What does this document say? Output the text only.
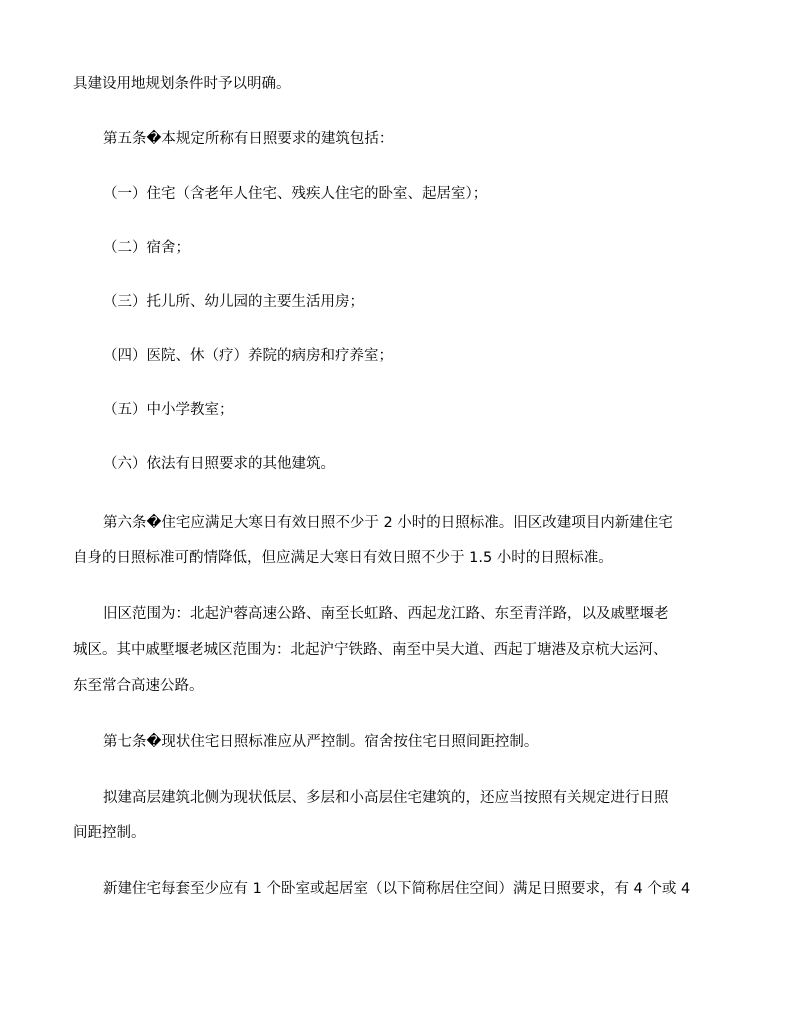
具建设用地规划条件时予以明确。
第五条�本规定所称有日照要求的建筑包括：
（一）住宅（含老年人住宅、残疾人住宅的卧室、起居室）；
（二）宿舍；
（三）托儿所、幼儿园的主要生活用房；
（四）医院、休（疗）养院的病房和疗养室；
（五）中小学教室；
（六）依法有日照要求的其他建筑。
第六条�住宅应满足大寒日有效日照不少于 2 小时的日照标准。旧区改建项目内新建住宅
自身的日照标准可酌情降低，但应满足大寒日有效日照不少于 1.5 小时的日照标准。
旧区范围为：北起沪蓉高速公路、南至长虹路、西起龙江路、东至青洋路，以及戚墅堰老
城区。其中戚墅堰老城区范围为：北起沪宁铁路、南至中吴大道、西起丁塘港及京杭大运河、
东至常合高速公路。
第七条�现状住宅日照标准应从严控制。宿舍按住宅日照间距控制。
拟建高层建筑北侧为现状低层、多层和小高层住宅建筑的，还应当按照有关规定进行日照
间距控制。
新建住宅每套至少应有 1 个卧室或起居室（以下简称居住空间）满足日照要求，有 4 个或 4
